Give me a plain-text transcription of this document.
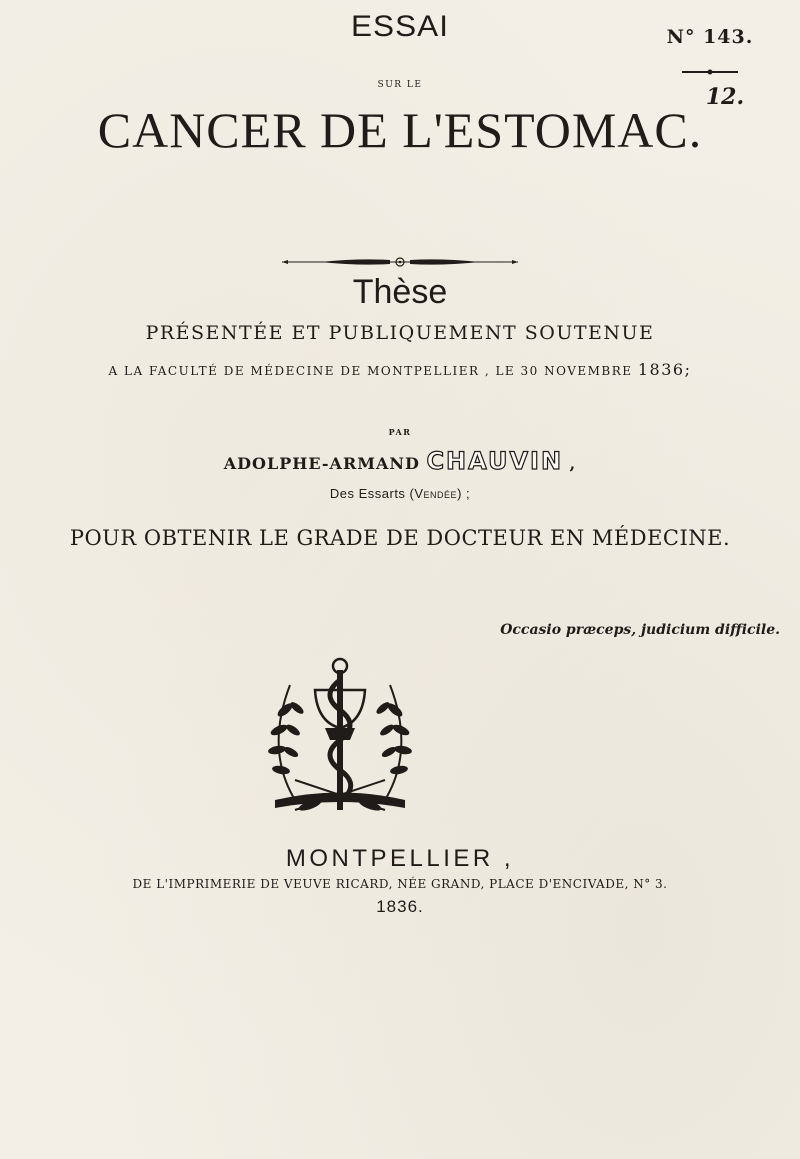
ESSAI
SUR LE
CANCER DE L'ESTOMAC.
N° 143.
12.
Thèse
PRÉSENTÉE ET PUBLIQUEMENT SOUTENUE
A LA FACULTÉ DE MÉDECINE DE MONTPELLIER , LE 30 NOVEMBRE 1836;
PAR
ADOLPHE-ARMAND CHAUVIN ,
Des Essarts (Vendée) ;
POUR OBTENIR LE GRADE DE DOCTEUR EN MÉDECINE.
Occasio præceps, judicium difficile.
MONTPELLIER ,
DE L'IMPRIMERIE DE VEUVE RICARD, NÉE GRAND, PLACE D'ENCIVADE, N° 3.
1836.
